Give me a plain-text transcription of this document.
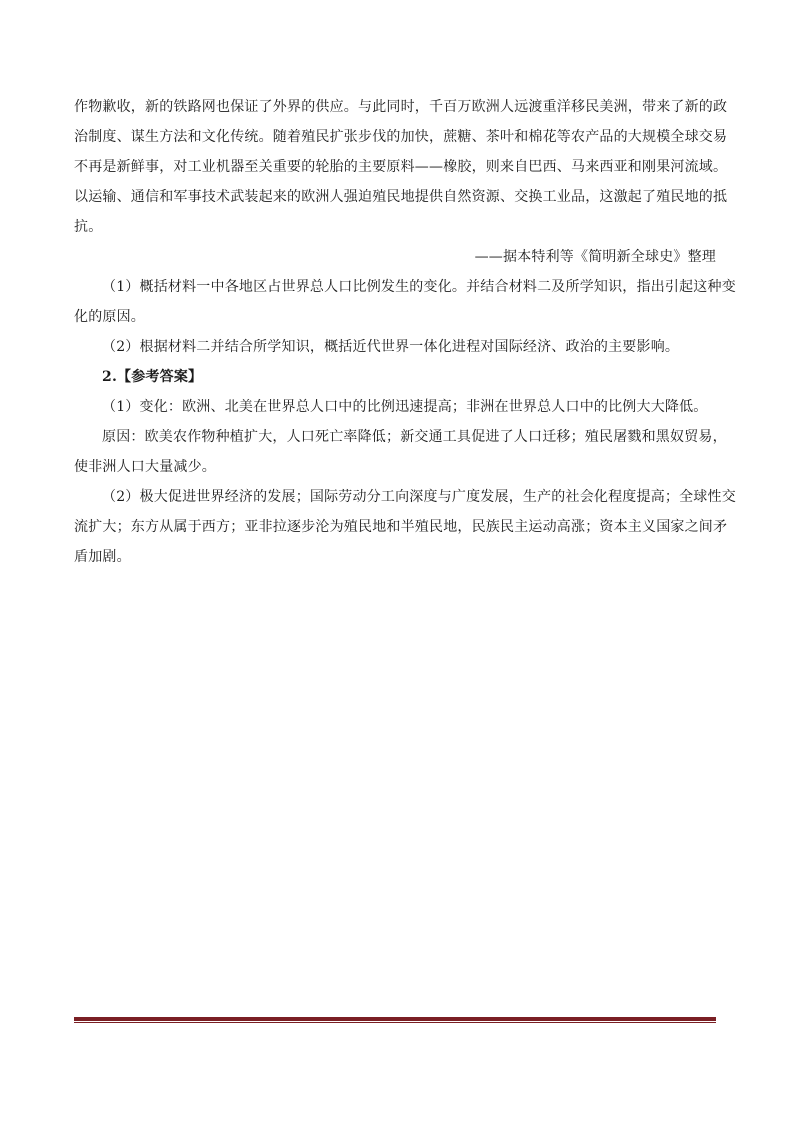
作物歉收，新的铁路网也保证了外界的供应。与此同时，千百万欧洲人远渡重洋移民美洲，带来了新的政
治制度、谋生方法和文化传统。随着殖民扩张步伐的加快，蔗糖、茶叶和棉花等农产品的大规模全球交易
不再是新鲜事，对工业机器至关重要的轮胎的主要原料——橡胶，则来自巴西、马来西亚和刚果河流域。
以运输、通信和军事技术武装起来的欧洲人强迫殖民地提供自然资源、交换工业品，这激起了殖民地的抵
抗。
——据本特利等《简明新全球史》整理
（1）概括材料一中各地区占世界总人口比例发生的变化。并结合材料二及所学知识，指出引起这种变
化的原因。
（2）根据材料二并结合所学知识，概括近代世界一体化进程对国际经济、政治的主要影响。
2.【参考答案】
（1）变化：欧洲、北美在世界总人口中的比例迅速提高；非洲在世界总人口中的比例大大降低。
原因：欧美农作物种植扩大，人口死亡率降低；新交通工具促进了人口迁移；殖民屠戮和黑奴贸易，
使非洲人口大量减少。
（2）极大促进世界经济的发展；国际劳动分工向深度与广度发展，生产的社会化程度提高；全球性交
流扩大；东方从属于西方；亚非拉逐步沦为殖民地和半殖民地，民族民主运动高涨；资本主义国家之间矛
盾加剧。
